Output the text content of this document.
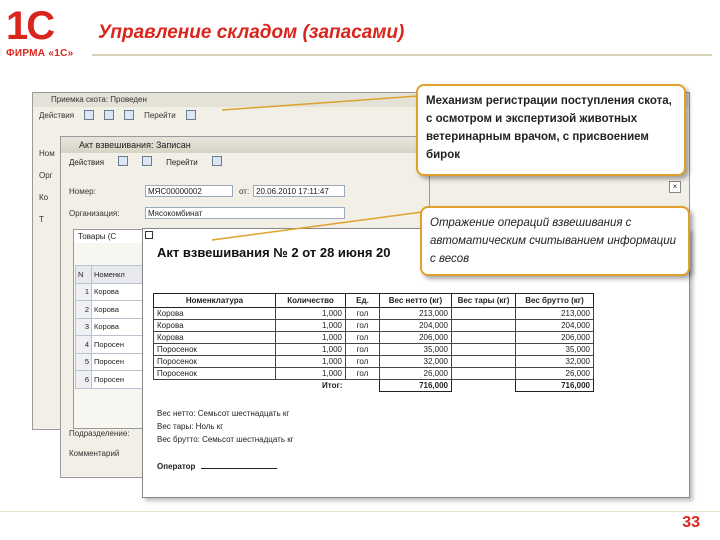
1С
ФИРМА «1С»
Управление складом (запасами)
Приемка скота: Проведен
Действия	Перейти
Ном
Орг
Ко
Т
×
Акт взвешивания: Записан
Действия	Перейти
Номер:	МЯС00000002	от: 20.06.2010 17:11:47
Организация:	Мясокомбинат
Товары (С
N	Номенкл
1	Корова
2	Корова
3	Корова
4	Поросен
5	Поросен
6	Поросен
Подразделение:
Комментарий
Акт взвешивания № 2 от 28 июня 20
Номенклатура	Количество	Ед.	Вес нетто (кг)	Вес тары (кг)	Вес брутто (кг)
Корова	1,000	гол	213,000		213,000
Корова	1,000	гол	204,000		204,000
Корова	1,000	гол	206,000		206,000
Поросенок	1,000	гол	35,000		35,000
Поросенок	1,000	гол	32,000		32,000
Поросенок	1,000	гол	26,000		26,000
Итог:			716,000		716,000
Вес нетто: Семьсот шестнадцать кг
Вес тары: Ноль кг
Вес брутто: Семьсот шестнадцать кг
Оператор
Механизм регистрации поступления скота, с осмотром и экспертизой животных ветеринарным врачом, с присвоением бирок
Отражение операций взвешивания с автоматическим считыванием информации с весов
33
